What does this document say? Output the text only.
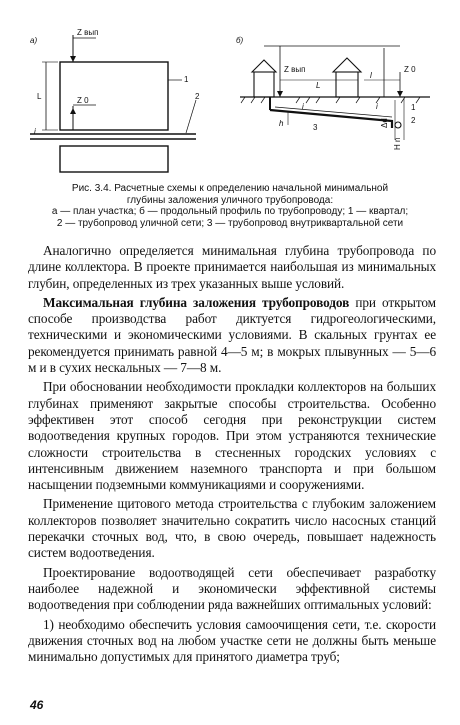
а)	б)
Z вып
Z 0
L
i
1
2
Z вып	Z 0
L
l
i	i
h
1
2
3	Δd
H n
Рис. 3.4. Расчетные схемы к определению начальной минимальной
глубины заложения уличного трубопровода:
а — план участка; б — продольный профиль по трубопроводу; 1 — квартал;
2 — трубопровод уличной сети; 3 — трубопровод внутриквартальной сети

Аналогично определяется минимальная глубина трубопровода по длине коллектора. В проекте принимается наибольшая из минимальных глубин, определенных из трех указанных выше условий.

Максимальная глубина заложения трубопроводов при открытом способе производства работ диктуется гидрогеологическими, техническими и экономическими условиями. В скальных грунтах ее рекомендуется принимать равной 4—5 м; в мокрых плывунных — 5—6 м и в сухих нескальных — 7—8 м.

При обосновании необходимости прокладки коллекторов на больших глубинах применяют закрытые способы строительства. Особенно эффективен этот способ сегодня при реконструкции систем водоотведения крупных городов. При этом устраняются технические сложности строительства в стесненных городских условиях с интенсивным движением наземного транспорта и при большом насыщении подземными коммуникациями и сооружениями.

Применение щитового метода строительства с глубоким заложением коллекторов позволяет значительно сократить число насосных станций перекачки сточных вод, что, в свою очередь, повышает надежность систем водоотведения.

Проектирование водоотводящей сети обеспечивает разработку наиболее надежной и экономически эффективной системы водоотведения при соблюдении ряда важнейших оптимальных условий:

1) необходимо обеспечить условия самоочищения сети, т.е. скорости движения сточных вод на любом участке сети не должны быть меньше минимально допустимых для принятого диаметра труб;

46
